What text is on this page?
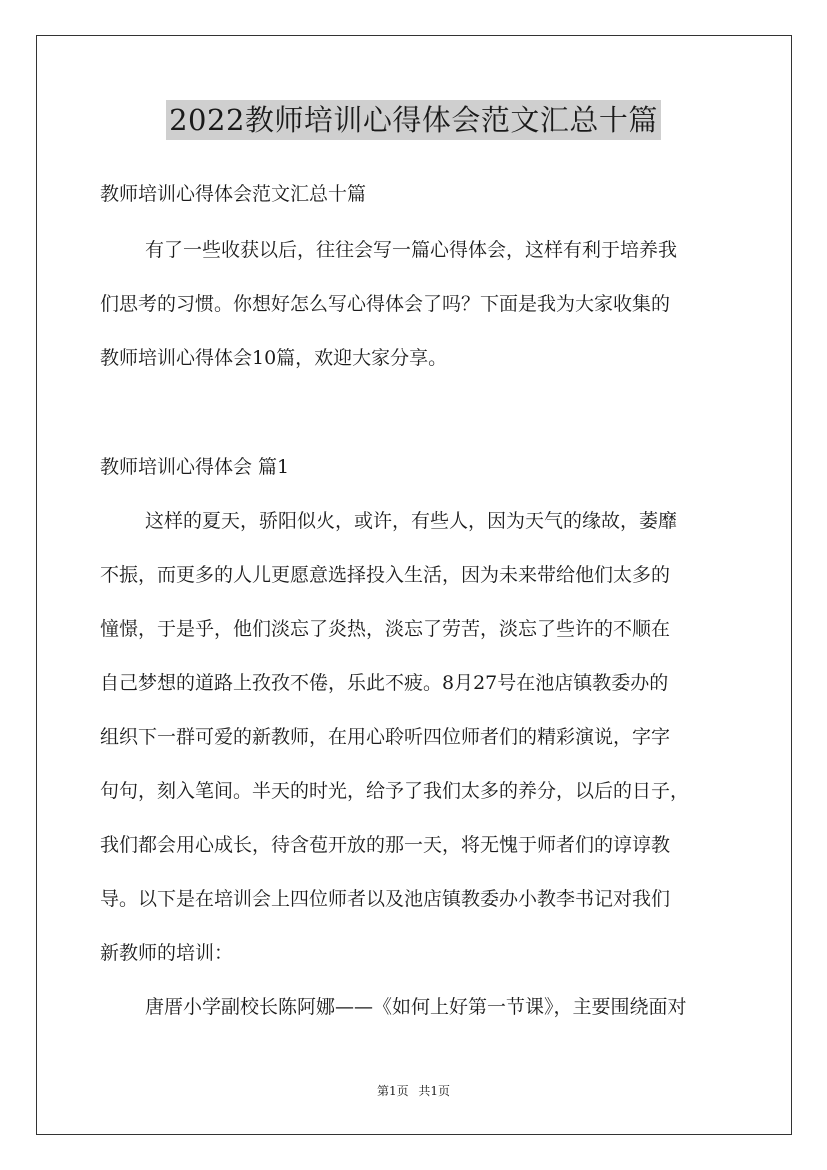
2022教师培训心得体会范文汇总十篇
教师培训心得体会范文汇总十篇
有了一些收获以后，往往会写一篇心得体会，这样有利于培养我
们思考的习惯。你想好怎么写心得体会了吗？下面是我为大家收集的
教师培训心得体会10篇，欢迎大家分享。
教师培训心得体会 篇1
这样的夏天，骄阳似火，或许，有些人，因为天气的缘故，萎靡
不振，而更多的人儿更愿意选择投入生活，因为未来带给他们太多的
憧憬，于是乎，他们淡忘了炎热，淡忘了劳苦，淡忘了些许的不顺在
自己梦想的道路上孜孜不倦，乐此不疲。8月27号在池店镇教委办的
组织下一群可爱的新教师，在用心聆听四位师者们的精彩演说，字字
句句，刻入笔间。半天的时光，给予了我们太多的养分，以后的日子，
我们都会用心成长，待含苞开放的那一天，将无愧于师者们的谆谆教
导。以下是在培训会上四位师者以及池店镇教委办小教李书记对我们
新教师的培训：
唐厝小学副校长陈阿娜——《如何上好第一节课》，主要围绕面对
第1页 共1页
